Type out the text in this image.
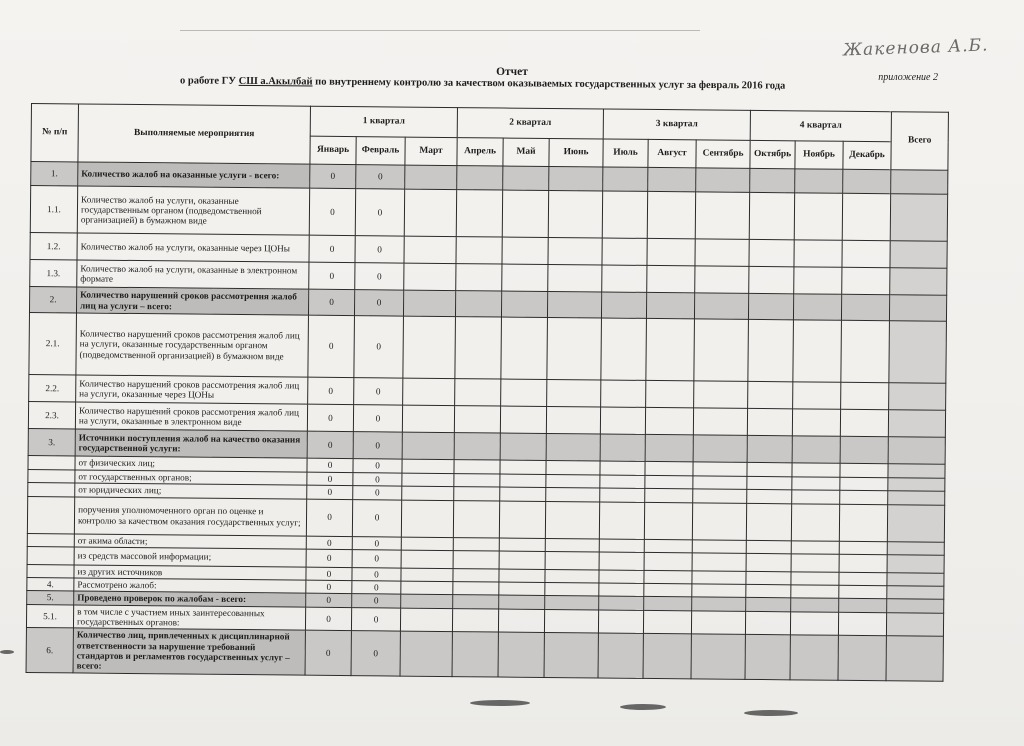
Жакенова А.Б.
Отчет	приложение 2
о работе ГУ СШ а.Акылбай по внутреннему контролю за качеством оказываемых государственных услуг за февраль 2016 года
№ п/п	Выполняемые мероприятия	1 квартал			2 квартал			3 квартал			4 квартал			Всего
		Январь	Февраль	Март	Апрель	Май	Июнь	Июль	Август	Сентябрь	Октябрь	Ноябрь	Декабрь	
1.	Количество жалоб на оказанные услуги - всего:	0	0											
1.1.	Количество жалоб на услуги, оказанные государственным органом (подведомственной организацией) в бумажном виде	0	0											
1.2.	Количество жалоб на услуги, оказанные через ЦОНы	0	0											
1.3.	Количество жалоб на услуги, оказанные в электронном формате	0	0											
2.	Количество нарушений сроков рассмотрения жалоб лиц на услуги – всего:	0	0											
2.1.	Количество нарушений сроков рассмотрения жалоб лиц на услуги, оказанные государственным органом (подведомственной организацией) в бумажном виде	0	0											
2.2.	Количество нарушений сроков рассмотрения жалоб лиц на услуги, оказанные через ЦОНы	0	0											
2.3.	Количество нарушений сроков рассмотрения жалоб лиц на услуги, оказанные в электронном виде	0	0											
3.	Источники поступления жалоб на качество оказания государственной услуги:	0	0											
	от физических лиц;	0	0											
	от государственных органов;	0	0											
	от юридических лиц;	0	0											
	поручения уполномоченного орган по оценке и контролю за качеством оказания государственных услуг;	0	0											
	от акима области;	0	0											
	из средств массовой информации;	0	0											
	из других источников	0	0											
4.	Рассмотрено жалоб:	0	0											
5.	Проведено проверок по жалобам - всего:	0	0											
5.1.	в том числе с участием иных заинтересованных государственных органов:	0	0											
6.	Количество лиц, привлеченных к дисциплинарной ответственности за нарушение требований стандартов и регламентов государственных услуг – всего:	0	0											
